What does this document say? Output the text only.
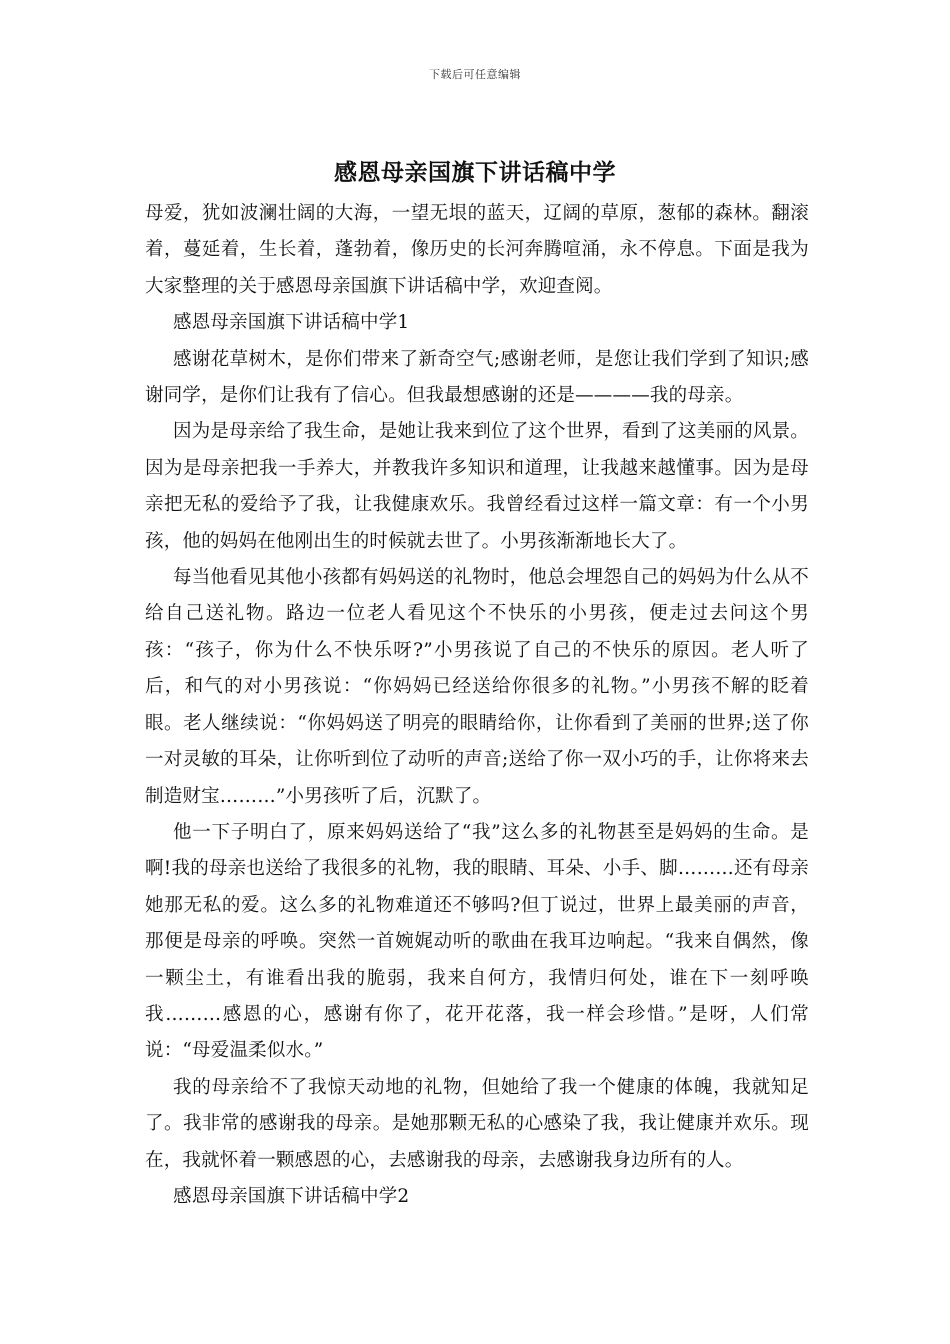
下载后可任意编辑
感恩母亲国旗下讲话稿中学

母爱，犹如波澜壮阔的大海，一望无垠的蓝天，辽阔的草原，葱郁的森林。翻滚着，蔓延着，生长着，蓬勃着，像历史的长河奔腾喧涌，永不停息。下面是我为大家整理的关于感恩母亲国旗下讲话稿中学，欢迎查阅。

感恩母亲国旗下讲话稿中学1

感谢花草树木，是你们带来了新奇空气;感谢老师，是您让我们学到了知识;感谢同学，是你们让我有了信心。但我最想感谢的还是————我的母亲。

因为是母亲给了我生命，是她让我来到位了这个世界，看到了这美丽的风景。因为是母亲把我一手养大，并教我许多知识和道理，让我越来越懂事。因为是母亲把无私的爱给予了我，让我健康欢乐。我曾经看过这样一篇文章：有一个小男孩，他的妈妈在他刚出生的时候就去世了。小男孩渐渐地长大了。

每当他看见其他小孩都有妈妈送的礼物时，他总会埋怨自己的妈妈为什么从不给自己送礼物。路边一位老人看见这个不快乐的小男孩，便走过去问这个男孩：“孩子，你为什么不快乐呀?”小男孩说了自己的不快乐的原因。老人听了后，和气的对小男孩说：“你妈妈已经送给你很多的礼物。”小男孩不解的眨着眼。老人继续说：“你妈妈送了明亮的眼睛给你，让你看到了美丽的世界;送了你一对灵敏的耳朵，让你听到位了动听的声音;送给了你一双小巧的手，让你将来去制造财宝………”小男孩听了后，沉默了。

他一下子明白了，原来妈妈送给了“我”这么多的礼物甚至是妈妈的生命。是啊!我的母亲也送给了我很多的礼物，我的眼睛、耳朵、小手、脚………还有母亲她那无私的爱。这么多的礼物难道还不够吗?但丁说过，世界上最美丽的声音，那便是母亲的呼唤。突然一首婉娓动听的歌曲在我耳边响起。“我来自偶然，像一颗尘土，有谁看出我的脆弱，我来自何方，我情归何处，谁在下一刻呼唤我………感恩的心，感谢有你了，花开花落，我一样会珍惜。”是呀，人们常说：“母爱温柔似水。”

我的母亲给不了我惊天动地的礼物，但她给了我一个健康的体魄，我就知足了。我非常的感谢我的母亲。是她那颗无私的心感染了我，我让健康并欢乐。现在，我就怀着一颗感恩的心，去感谢我的母亲，去感谢我身边所有的人。

感恩母亲国旗下讲话稿中学2
